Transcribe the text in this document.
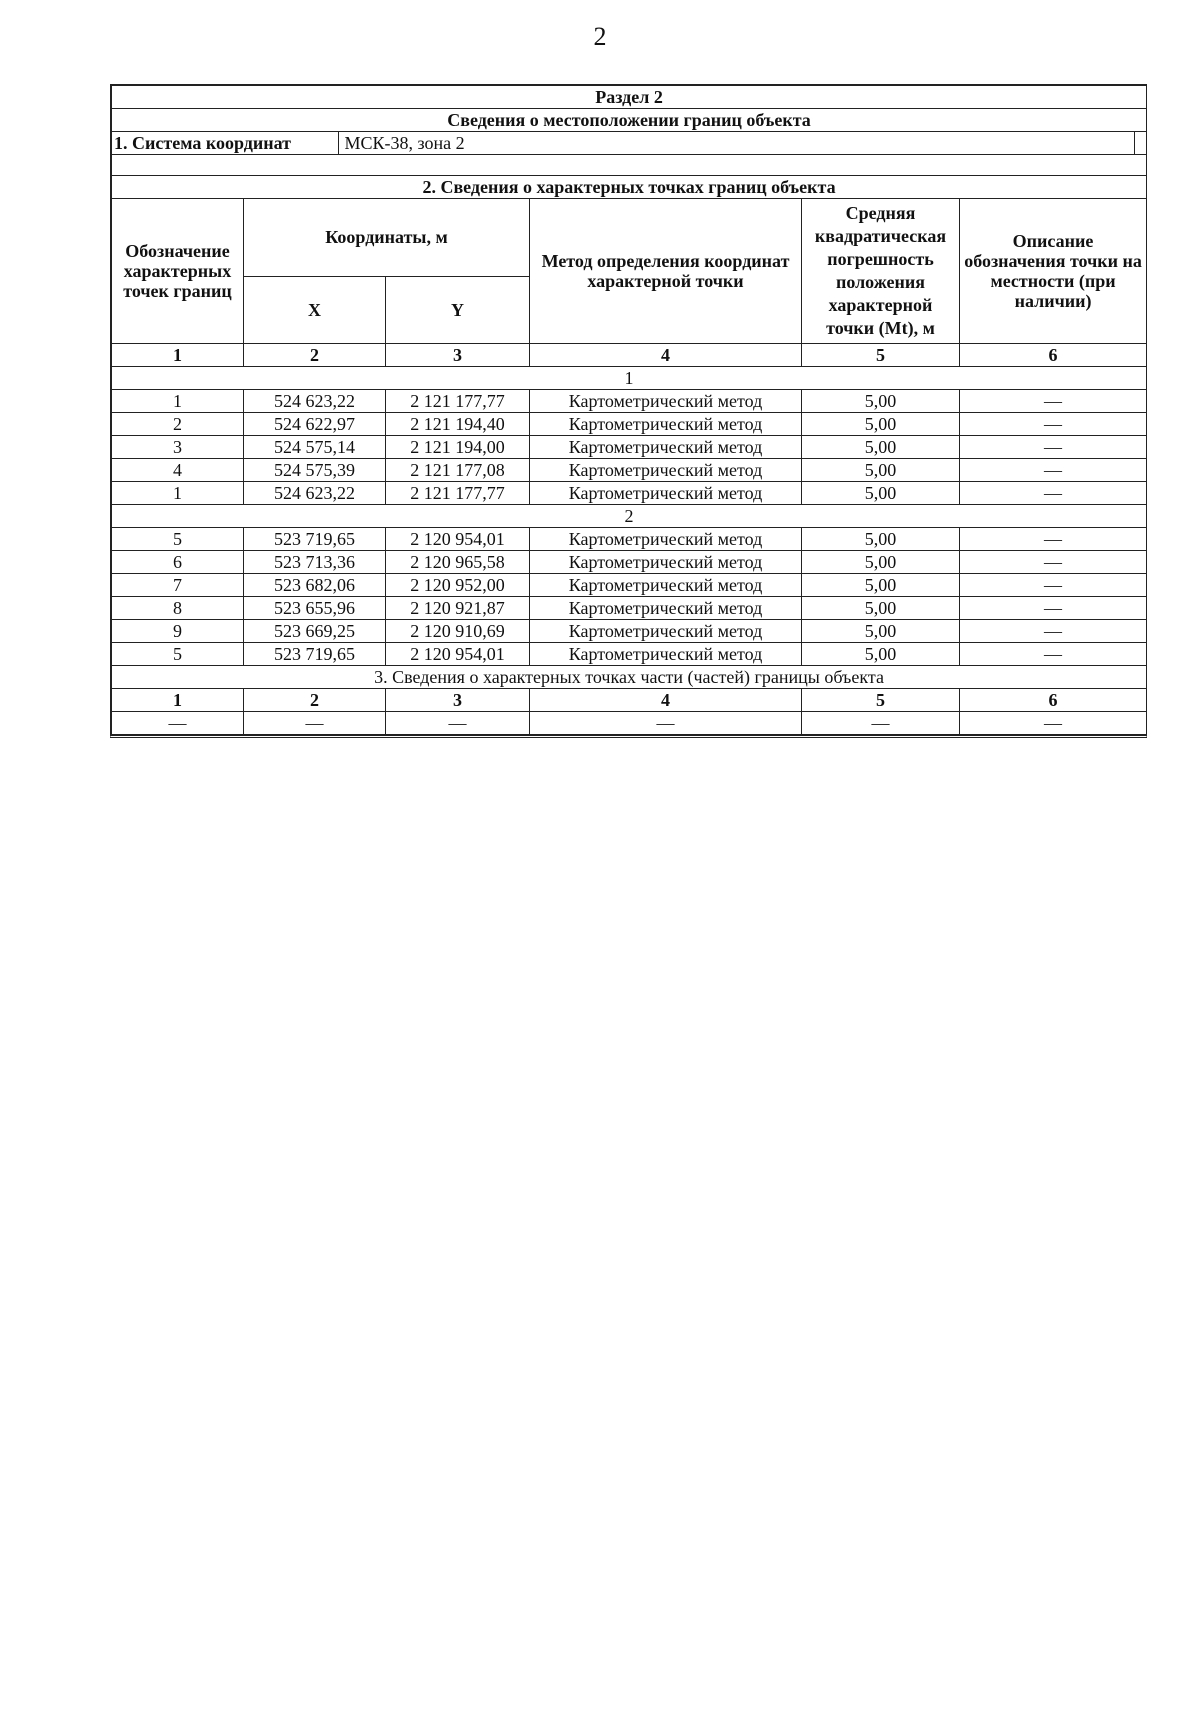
2
Раздел 2
Сведения о местоположении границ объекта

1. Система координат	МСК-38, зона 2	

2. Сведения о характерных точках границ объекта
Обозначение характерных точек границ	Координаты, м	Метод определения координат характерной точки	Средняя квадратическая погрешность положения характерной точки (Mt), м	Описание обозначения точки на местности (при наличии)
X	Y
1	2	3	4	5	6
1
1	524 623,22	2 121 177,77	Картометрический метод	5,00	—
2	524 622,97	2 121 194,40	Картометрический метод	5,00	—
3	524 575,14	2 121 194,00	Картометрический метод	5,00	—
4	524 575,39	2 121 177,08	Картометрический метод	5,00	—
1	524 623,22	2 121 177,77	Картометрический метод	5,00	—
2
5	523 719,65	2 120 954,01	Картометрический метод	5,00	—
6	523 713,36	2 120 965,58	Картометрический метод	5,00	—
7	523 682,06	2 120 952,00	Картометрический метод	5,00	—
8	523 655,96	2 120 921,87	Картометрический метод	5,00	—
9	523 669,25	2 120 910,69	Картометрический метод	5,00	—
5	523 719,65	2 120 954,01	Картометрический метод	5,00	—
3. Сведения о характерных точках части (частей) границы объекта
1	2	3	4	5	6
—	—	—	—	—	—
